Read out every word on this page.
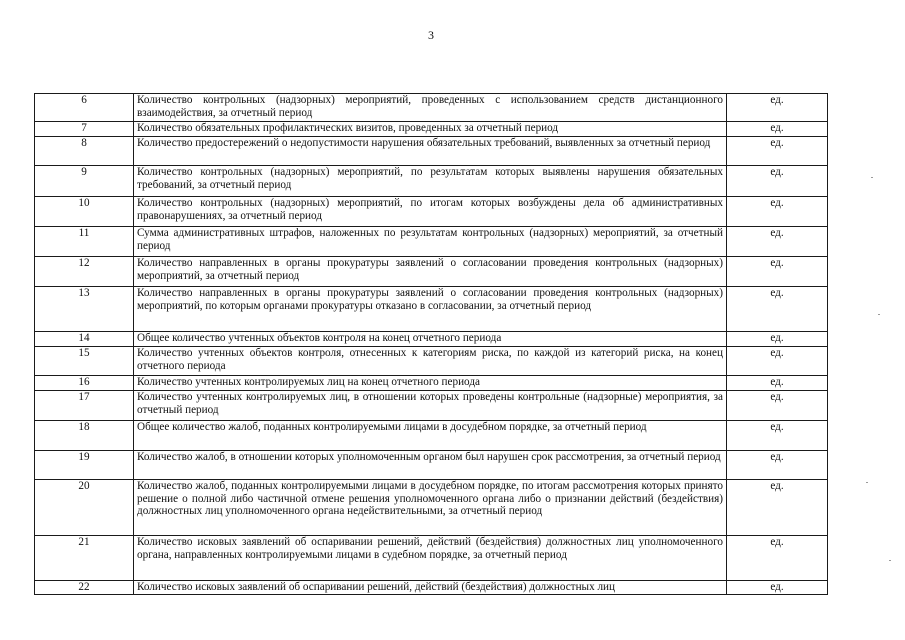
3
6	Количество контрольных (надзорных) мероприятий, проведенных с использованием средств дистанционного взаимодействия, за отчетный период	ед.
7	Количество обязательных профилактических визитов, проведенных за отчетный период	ед.
8	Количество предостережений о недопустимости нарушения обязательных требований, выявленных за отчетный период	ед.
9	Количество контрольных (надзорных) мероприятий, по результатам которых выявлены нарушения обязательных требований, за отчетный период	ед.
10	Количество контрольных (надзорных) мероприятий, по итогам которых возбуждены дела об административных правонарушениях, за отчетный период	ед.
11	Сумма административных штрафов, наложенных по результатам контрольных (надзорных) мероприятий, за отчетный период	ед.
12	Количество направленных в органы прокуратуры заявлений о согласовании проведения контрольных (надзорных) мероприятий, за отчетный период	ед.
13	Количество направленных в органы прокуратуры заявлений о согласовании проведения контрольных (надзорных) мероприятий, по которым органами прокуратуры отказано в согласовании, за отчетный период	ед.
14	Общее количество учтенных объектов контроля на конец отчетного периода	ед.
15	Количество учтенных объектов контроля, отнесенных к категориям риска, по каждой из категорий риска, на конец отчетного периода	ед.
16	Количество учтенных контролируемых лиц на конец отчетного периода	ед.
17	Количество учтенных контролируемых лиц, в отношении которых проведены контрольные (надзорные) мероприятия, за отчетный период	ед.
18	Общее количество жалоб, поданных контролируемыми лицами в досудебном порядке, за отчетный период	ед.
19	Количество жалоб, в отношении которых уполномоченным органом был нарушен срок рассмотрения, за отчетный период	ед.
20	Количество жалоб, поданных контролируемыми лицами в досудебном порядке, по итогам рассмотрения которых принято решение о полной либо частичной отмене решения уполномоченного органа либо о признании действий (бездействия) должностных лиц уполномоченного органа недействительными, за отчетный период	ед.
21	Количество исковых заявлений об оспаривании решений, действий (бездействия) должностных лиц уполномоченного органа, направленных контролируемыми лицами в судебном порядке, за отчетный период	ед.
22	Количество исковых заявлений об оспаривании решений, действий (бездействия) должностных лиц	ед.
